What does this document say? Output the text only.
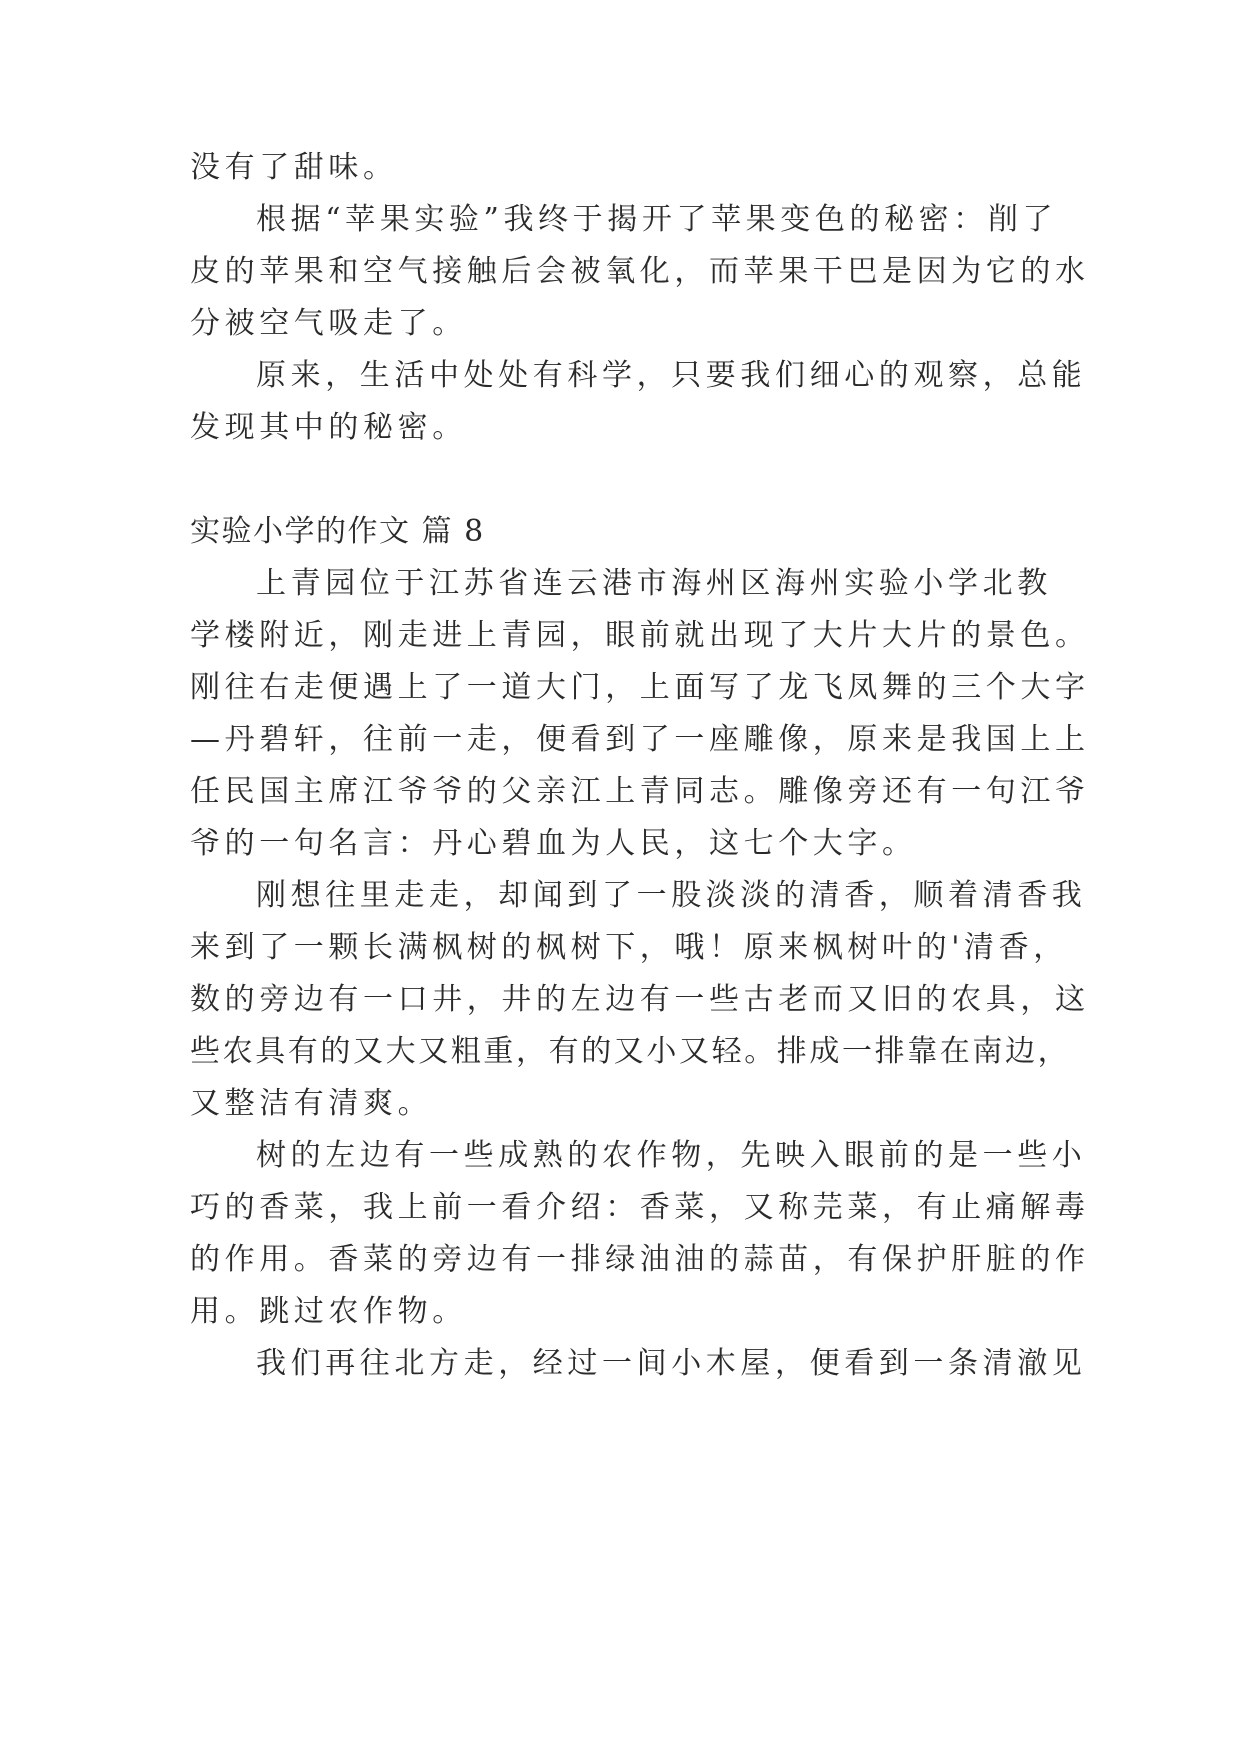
没有了甜味。
根据“苹果实验”我终于揭开了苹果变色的秘密：削了
皮的苹果和空气接触后会被氧化，而苹果干巴是因为它的水
分被空气吸走了。
原来，生活中处处有科学，只要我们细心的观察，总能
发现其中的秘密。
实验小学的作文 篇 8
上青园位于江苏省连云港市海州区海州实验小学北教
学楼附近，刚走进上青园，眼前就出现了大片大片的景色。
刚往右走便遇上了一道大门，上面写了龙飞凤舞的三个大字
—丹碧轩，往前一走，便看到了一座雕像，原来是我国上上
任民国主席江爷爷的父亲江上青同志。雕像旁还有一句江爷
爷的一句名言：丹心碧血为人民，这七个大字。
刚想往里走走，却闻到了一股淡淡的清香，顺着清香我
来到了一颗长满枫树的枫树下，哦！原来枫树叶的'清香，
数的旁边有一口井，井的左边有一些古老而又旧的农具，这
些农具有的又大又粗重，有的又小又轻。排成一排靠在南边，
又整洁有清爽。
树的左边有一些成熟的农作物，先映入眼前的是一些小
巧的香菜，我上前一看介绍：香菜，又称芫菜，有止痛解毒
的作用。香菜的旁边有一排绿油油的蒜苗，有保护肝脏的作
用。跳过农作物。
我们再往北方走，经过一间小木屋，便看到一条清澈见
